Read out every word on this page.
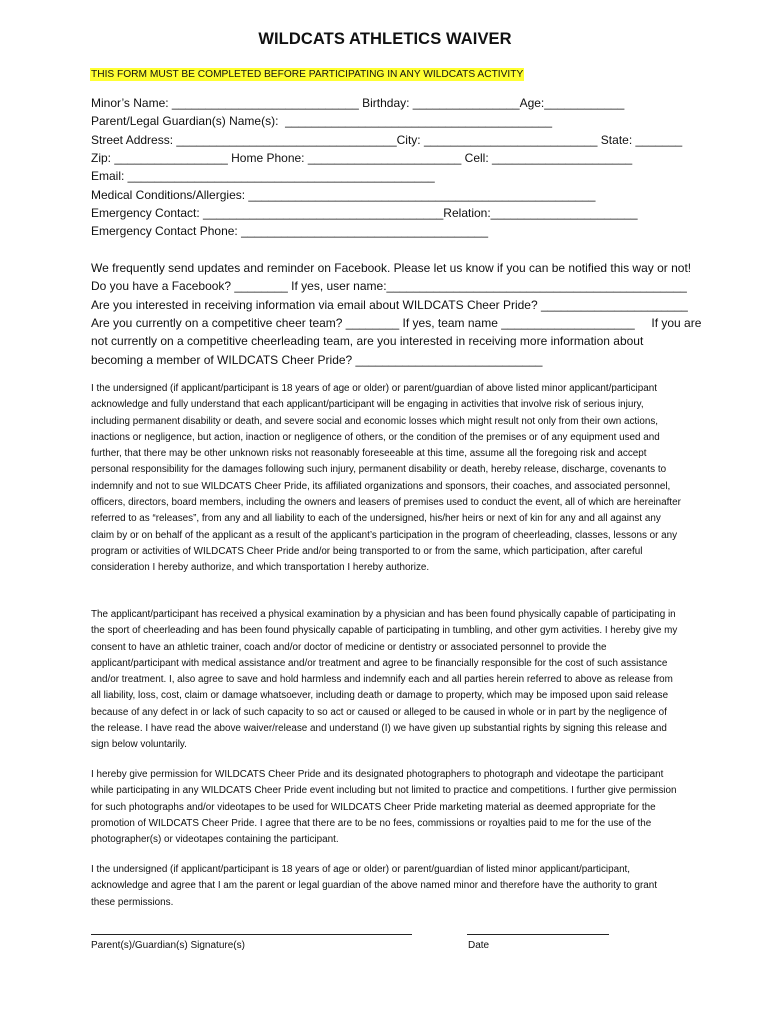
WILDCATS ATHLETICS WAIVER
THIS FORM MUST BE COMPLETED BEFORE PARTICIPATING IN ANY WILDCATS ACTIVITY
Minor’s Name: ____________________________ Birthday: ________________Age:____________
Parent/Legal Guardian(s) Name(s):  ________________________________________
Street Address: _________________________________City: __________________________ State: _______
Zip: _________________ Home Phone: _______________________ Cell: _____________________
Email: ______________________________________________
Medical Conditions/Allergies: ____________________________________________________
Emergency Contact: ____________________________________Relation:______________________
Emergency Contact Phone: _____________________________________
We frequently send updates and reminder on Facebook. Please let us know if you can be notified this way or not!
Do you have a Facebook? ________ If yes, user name:_____________________________________________
Are you interested in receiving information via email about WILDCATS Cheer Pride? ______________________
Are you currently on a competitive cheer team? ________ If yes, team name ____________________     If you are
not currently on a competitive cheerleading team, are you interested in receiving more information about
becoming a member of WILDCATS Cheer Pride? ____________________________

I the undersigned (if applicant/participant is 18 years of age or older) or parent/guardian of above listed minor applicant/participant acknowledge and fully understand that each applicant/participant will be engaging in activities that involve risk of serious injury, including permanent disability or death, and severe social and economic losses which might result not only from their own actions, inactions or negligence, but action, inaction or negligence of others, or the condition of the premises or of any equipment used and further, that there may be other unknown risks not reasonably foreseeable at this time, assume all the foregoing risk and accept personal responsibility for the damages following such injury, permanent disability or death, hereby release, discharge, covenants to indemnify and not to sue WILDCATS Cheer Pride, its affiliated organizations and sponsors, their coaches, and associated personnel, officers, directors, board members, including the owners and leasers of premises used to conduct the event, all of which are hereinafter referred to as “releases”, from any and all liability to each of the undersigned, his/her heirs or next of kin for any and all against any claim by or on behalf of the applicant as a result of the applicant’s participation in the program of cheerleading, classes, lessons or any program or activities of WILDCATS Cheer Pride and/or being transported to or from the same, which participation, after careful consideration I hereby authorize, and which transportation I hereby authorize.

The applicant/participant has received a physical examination by a physician and has been found physically capable of participating in the sport of cheerleading and has been found physically capable of participating in tumbling, and other gym activities. I hereby give my consent to have an athletic trainer, coach and/or doctor of medicine or dentistry or associated personnel to provide the applicant/participant with medical assistance and/or treatment and agree to be financially responsible for the cost of such assistance and/or treatment. I, also agree to save and hold harmless and indemnify each and all parties herein referred to above as release from all liability, loss, cost, claim or damage whatsoever, including death or damage to property, which may be imposed upon said release because of any defect in or lack of such capacity to so act or caused or alleged to be caused in whole or in part by the negligence of the release. I have read the above waiver/release and understand (I) we have given up substantial rights by signing this release and sign below voluntarily.

I hereby give permission for WILDCATS Cheer Pride and its designated photographers to photograph and videotape the participant while participating in any WILDCATS Cheer Pride event including but not limited to practice and competitions. I further give permission for such photographs and/or videotapes to be used for WILDCATS Cheer Pride marketing material as deemed appropriate for the promotion of WILDCATS Cheer Pride. I agree that there are to be no fees, commissions or royalties paid to me for the use of the photographer(s) or videotapes containing the participant.

I the undersigned (if applicant/participant is 18 years of age or older) or parent/guardian of listed minor applicant/participant, acknowledge and agree that I am the parent or legal guardian of the above named minor and therefore have the authority to grant these permissions.

Parent(s)/Guardian(s) Signature(s)	Date
